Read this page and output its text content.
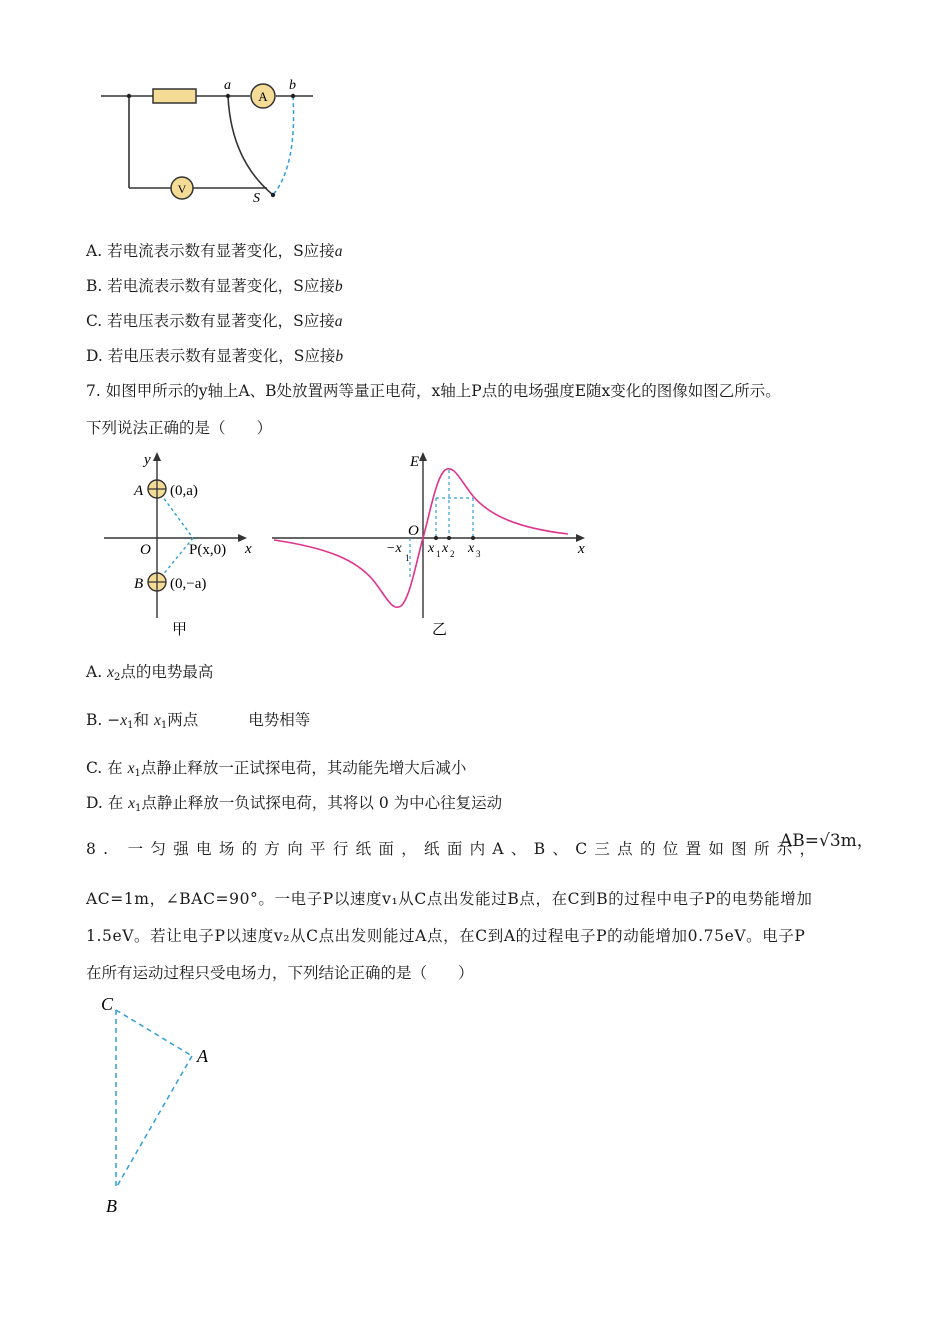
A
V
a	b
S
A. 若电流表示数有显著变化，S应接a
B. 若电流表示数有显著变化，S应接b
C. 若电压表示数有显著变化，S应接a
D. 若电压表示数有显著变化，S应接b
7. 如图甲所示的y轴上A、B处放置两等量正电荷，x轴上P点的电场强度E随x变化的图像如图乙所示。
下列说法正确的是（　　）
y
x
O
A (0,a)
B (0,−a)
P(x,0)
甲
E
x
O
−x
1
x 1 x 2 x 3
乙
A. $x_2$点的电势最高
B. $-x_1$和 $x_1$两点	电势相等
C. 在 $x_1$点静止释放一正试探电荷，其动能先增大后减小
D. 在 $x_1$点静止释放一负试探电荷，其将以 0 为中心往复运动
8. 一匀强电场的方向平行纸面，纸面内A、B、C三点的位置如图所示，
AB=√3m，
AC=1m，∠BAC=90°。一电子P以速度v₁从C点出发能过B点，在C到B的过程中电子P的电势能增加
1.5eV。若让电子P以速度v₂从C点出发则能过A点，在C到A的过程电子P的动能增加0.75eV。电子P
在所有运动过程只受电场力，下列结论正确的是（　　）
C
A
B
